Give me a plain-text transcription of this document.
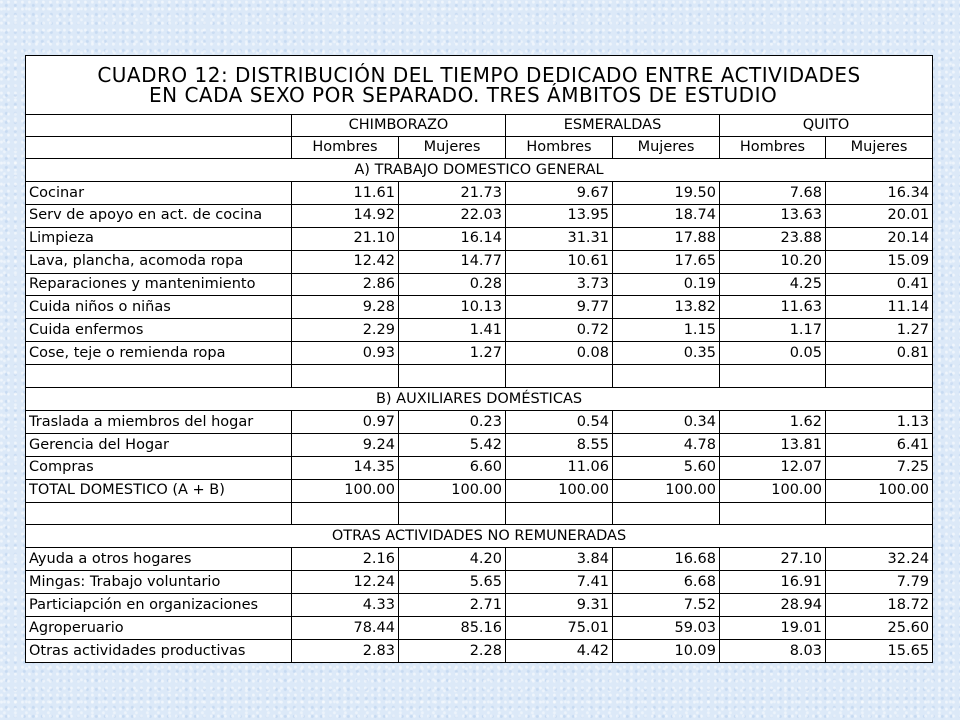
CUADRO 12: DISTRIBUCIÓN DEL TIEMPO DEDICADO ENTRE ACTIVIDADES
EN CADA SEXO POR SEPARADO. TRES ÁMBITOS DE ESTUDIO						

	CHIMBORAZO		ESMERALDAS		QUITO	
	Hombres	Mujeres	Hombres	Mujeres	Hombres	Mujeres
A) TRABAJO DOMESTICO GENERAL						
Cocinar	11.61	21.73	9.67	19.50	7.68	16.34
Serv de apoyo en act. de cocina	14.92	22.03	13.95	18.74	13.63	20.01
Limpieza	21.10	16.14	31.31	17.88	23.88	20.14
Lava, plancha, acomoda ropa	12.42	14.77	10.61	17.65	10.20	15.09
Reparaciones y mantenimiento	2.86	0.28	3.73	0.19	4.25	0.41
Cuida niños o niñas	9.28	10.13	9.77	13.82	11.63	11.14
Cuida enfermos	2.29	1.41	0.72	1.15	1.17	1.27
Cose, teje o remienda ropa	0.93	1.27	0.08	0.35	0.05	0.81

B) AUXILIARES DOMÉSTICAS						
Traslada a miembros del hogar	0.97	0.23	0.54	0.34	1.62	1.13
Gerencia del Hogar	9.24	5.42	8.55	4.78	13.81	6.41
Compras	14.35	6.60	11.06	5.60	12.07	7.25
TOTAL DOMESTICO (A + B)	100.00	100.00	100.00	100.00	100.00	100.00

OTRAS ACTIVIDADES NO REMUNERADAS						
Ayuda a otros hogares	2.16	4.20	3.84	16.68	27.10	32.24
Mingas: Trabajo voluntario	12.24	5.65	7.41	6.68	16.91	7.79
Particiapción en organizaciones	4.33	2.71	9.31	7.52	28.94	18.72
Agroperuario	78.44	85.16	75.01	59.03	19.01	25.60
Otras actividades productivas	2.83	2.28	4.42	10.09	8.03	15.65
